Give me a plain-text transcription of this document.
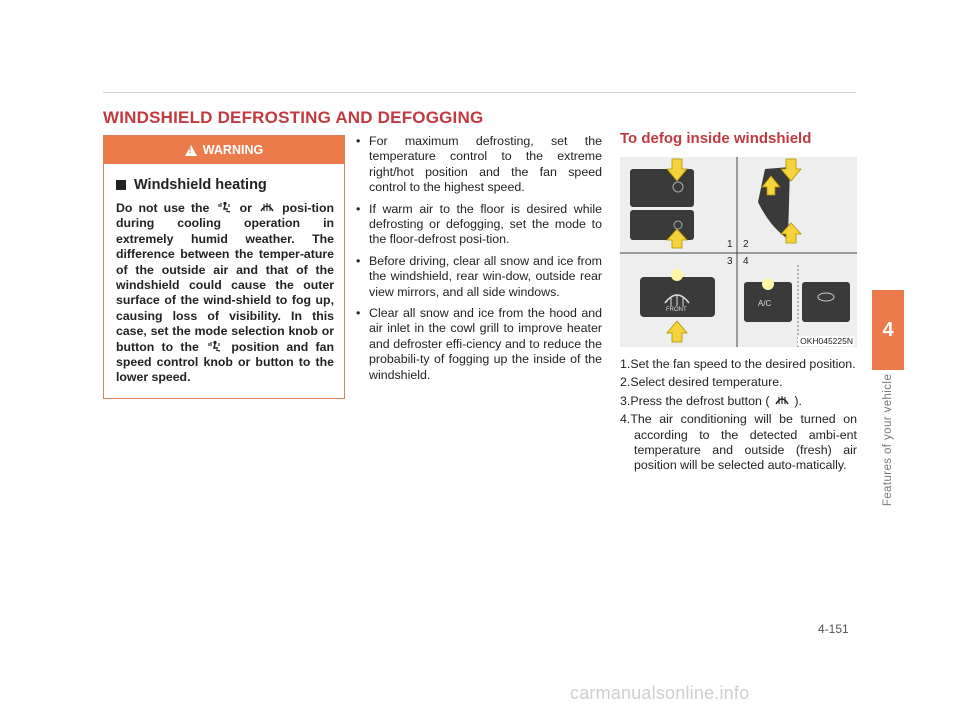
WINDSHIELD DEFROSTING AND DEFOGGING
!
WARNING
Windshield heating
Do not use the or posi-tion during cooling operation in extremely humid weather. The difference between the temper-ature of the outside air and that of the windshield could cause the outer surface of the wind-shield to fog up, causing loss of visibility. In this case, set the mode selection knob or button to the	position and fan speed control knob or button to the lower speed.
• For maximum defrosting, set the temperature control to the extreme right/hot position and the fan speed control to the highest speed.
• If warm air to the floor is desired while defrosting or defogging, set the mode to the floor-defrost posi-tion.
• Before driving, clear all snow and ice from the windshield, rear win-dow, outside rear view mirrors, and all side windows.
• Clear all snow and ice from the hood and air inlet in the cowl grill to improve heater and defroster effi-ciency and to reduce the probabili-ty of fogging up the inside of the windshield.
To defog inside windshield
1 2
3 4
FRONT
A/C
OKH045225N
1.Set the fan speed to the desired position.
2.Select desired temperature.
3.Press the defrost button ( ).
4.The air conditioning will be turned on according to the detected ambi-ent temperature and outside (fresh) air position will be selected auto-matically.
4
Features of your vehicle
4-151
carmanualsonline.info
